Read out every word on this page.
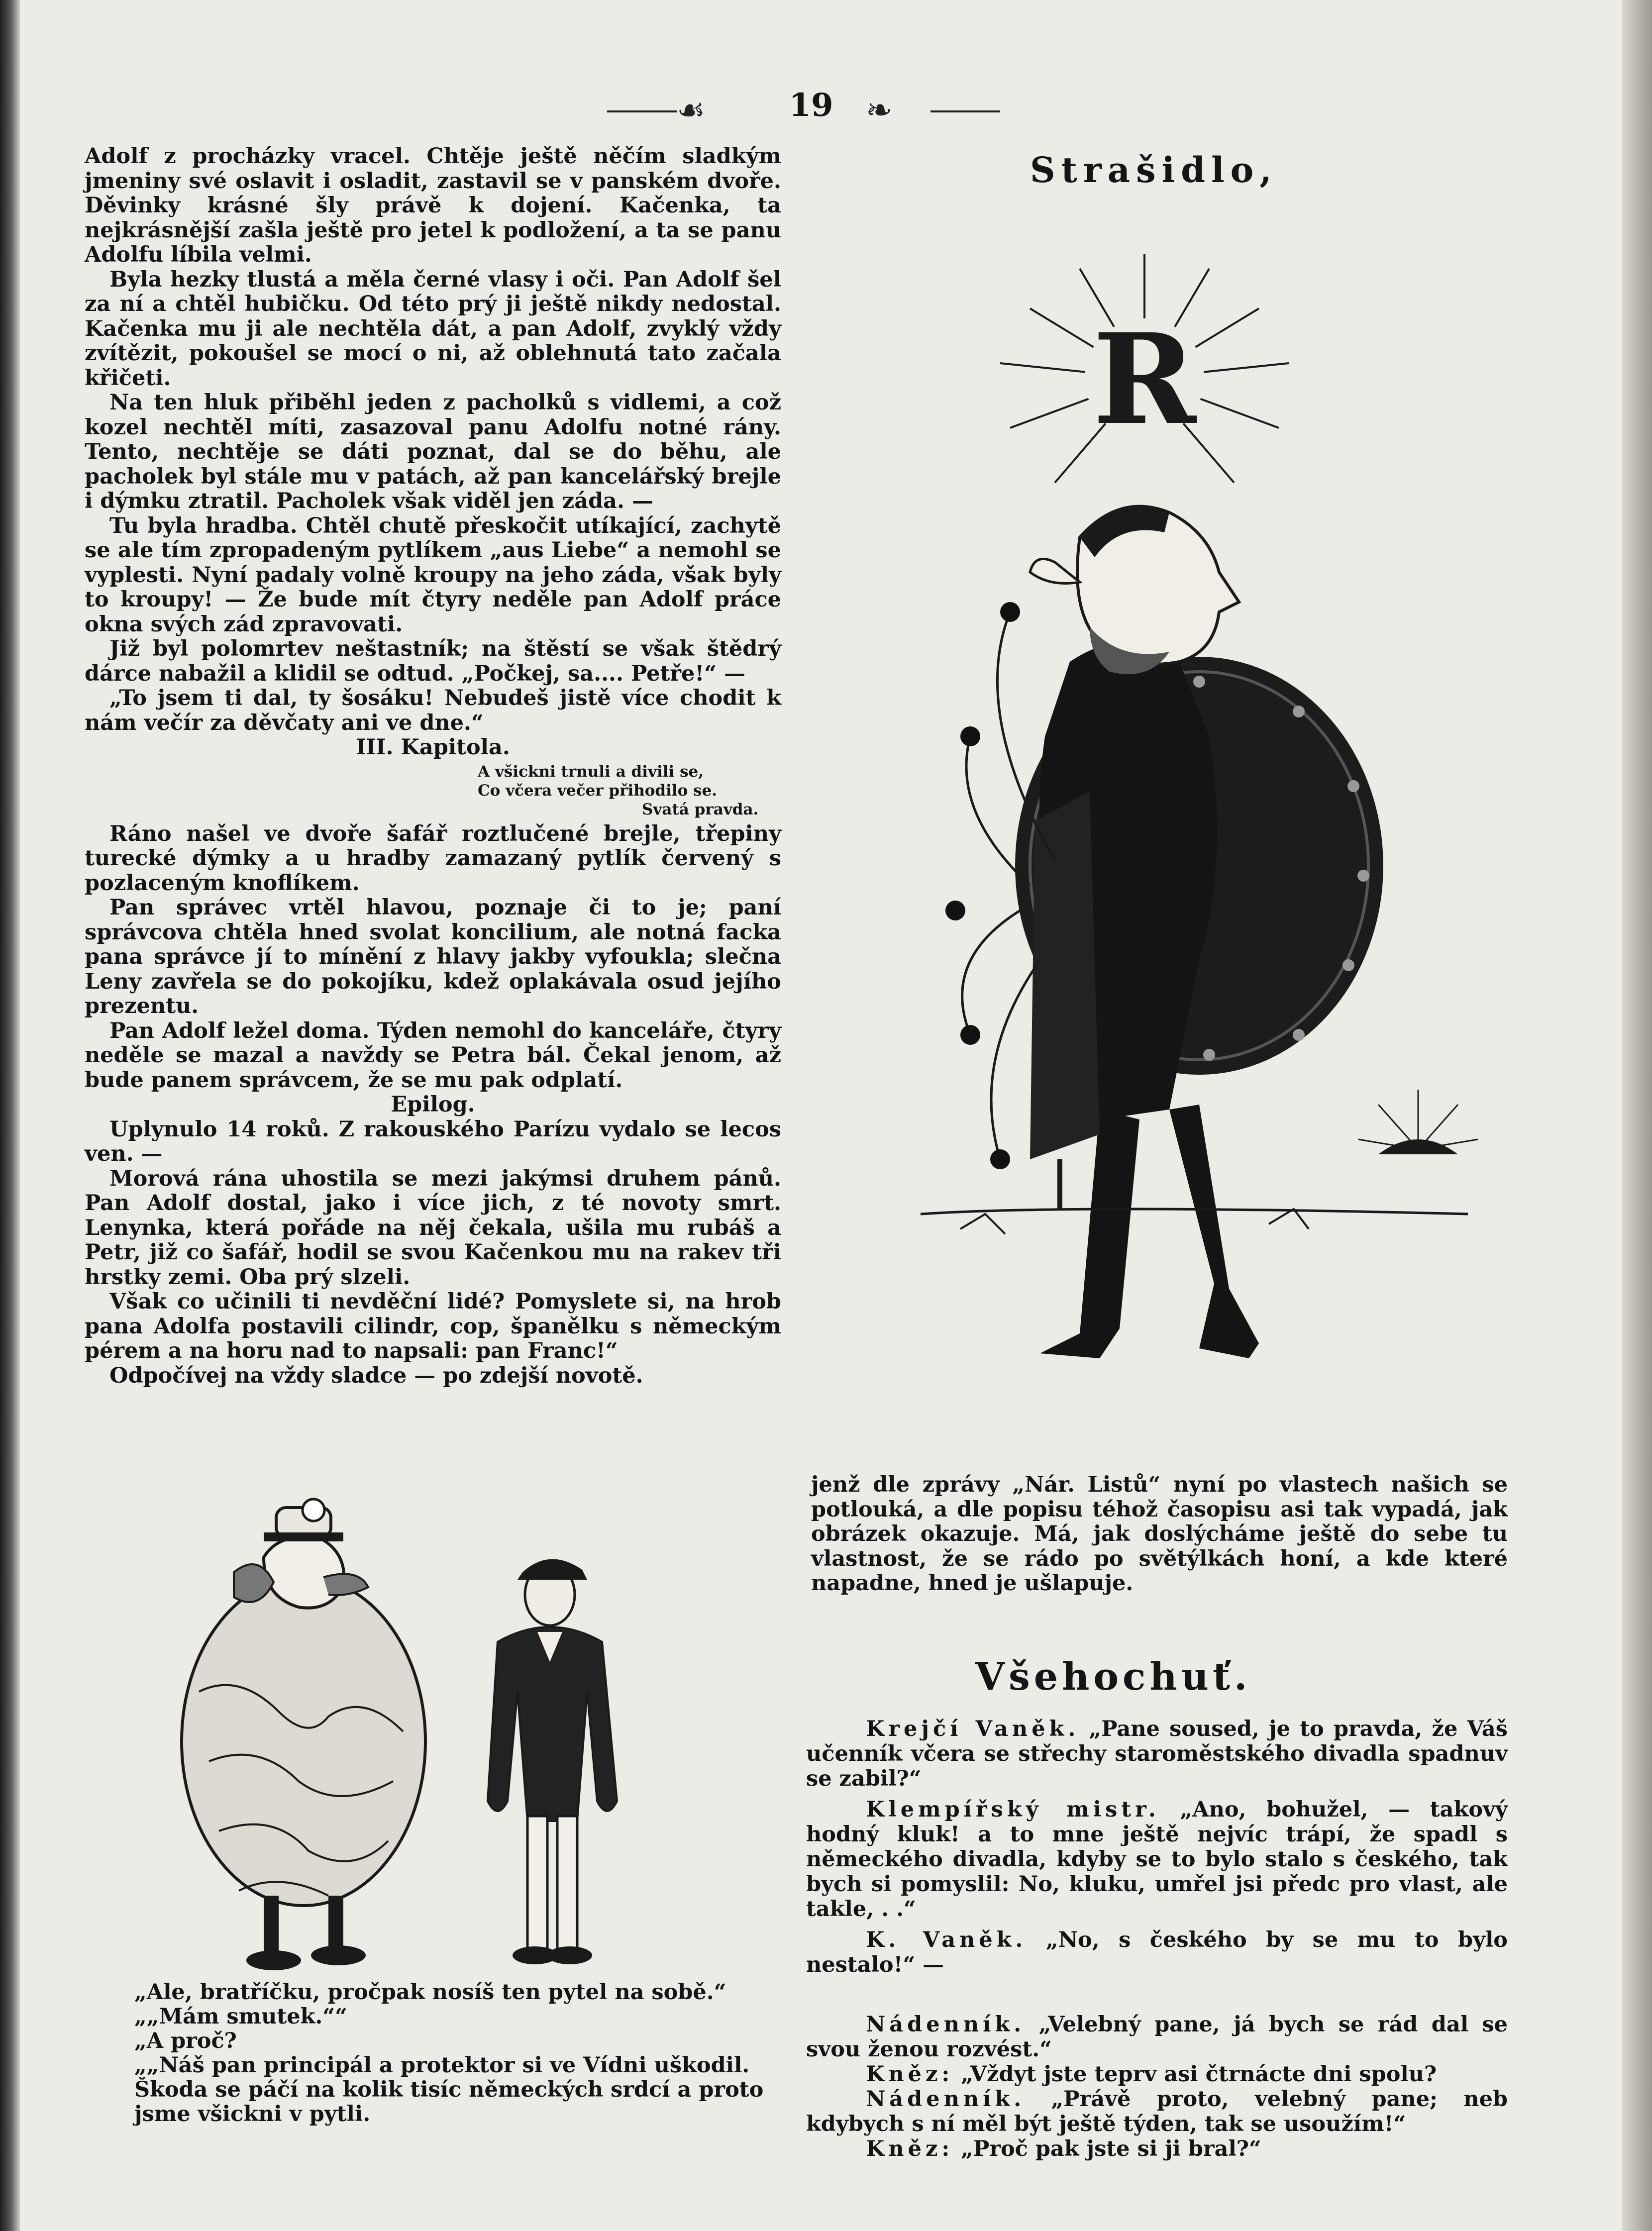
☙	19 ❧

Adolf z procházky vracel. Chtěje ještě něčím sladkým jmeniny své oslavit i osladit, zastavil se v panském dvoře. Děvinky krásné šly právě k dojení. Kačenka, ta nejkrásnější zašla ještě pro jetel k podložení, a ta se panu Adolfu líbila velmi.

Byla hezky tlustá a měla černé vlasy i oči. Pan Adolf šel za ní a chtěl hubičku. Od této prý ji ještě nikdy nedostal. Kačenka mu ji ale nechtěla dát, a pan Adolf, zvyklý vždy zvítězit, pokoušel se mocí o ni, až oblehnutá tato začala křičeti.

Na ten hluk přiběhl jeden z pacholků s vidlemi, a což kozel nechtěl míti, zasazoval panu Adolfu notné rány. Tento, nechtěje se dáti poznat, dal se do běhu, ale pacholek byl stále mu v patách, až pan kancelářský brejle i dýmku ztratil. Pacholek však viděl jen záda. —

Tu byla hradba. Chtěl chutě přeskočit utíkající, zachytě se ale tím zpropadeným pytlíkem „aus Liebe“ a nemohl se vyplesti. Nyní padaly volně kroupy na jeho záda, však byly to kroupy! — Že bude mít čtyry neděle pan Adolf práce okna svých zád zpravovati.

Již byl polomrtev neštastník; na štěstí se však štědrý dárce nabažil a klidil se odtud. „Počkej, sa.... Petře!“ —

„To jsem ti dal, ty šosáku! Nebudeš jistě více chodit k nám večír za děvčaty ani ve dne.“

III. Kapitola.

A všickni trnuli a divili se,
Co včera večer přihodilo se.
Svatá pravda.

Ráno našel ve dvoře šafář roztlučené brejle, třepiny turecké dýmky a u hradby zamazaný pytlík červený s pozlaceným knoflíkem.

Pan správec vrtěl hlavou, poznaje či to je; paní správcova chtěla hned svolat koncilium, ale notná facka pana správce jí to mínění z hlavy jakby vyfoukla; slečna Leny zavřela se do pokojíku, kdež oplakávala osud jejího prezentu.

Pan Adolf ležel doma. Týden nemohl do kanceláře, čtyry neděle se mazal a navždy se Petra bál. Čekal jenom, až bude panem správcem, že se mu pak odplatí.

Epilog.

Uplynulo 14 roků. Z rakouského Parízu vydalo se lecos ven. —

Morová rána uhostila se mezi jakýmsi druhem pánů. Pan Adolf dostal, jako i více jich, z té novoty smrt. Lenynka, která pořáde na něj čekala, ušila mu rubáš a Petr, již co šafář, hodil se svou Kačenkou mu na rakev tři hrstky zemi. Oba prý slzeli.

Však co učinili ti nevděční lidé? Pomyslete si, na hrob pana Adolfa postavili cilindr, cop, španělku s německým pérem a na horu nad to napsali: pan Franc!“

Odpočívej na vždy sladce — po zdejší novotě.

„Ale, bratříčku, pročpak nosíš ten pytel na sobě.“

„„Mám smutek.““

„A proč?

„„Náš pan principál a protektor si ve Vídni uškodil. Škoda se páčí na kolik tisíc německých srdcí a proto jsme všickni v pytli.

Strašidlo,
R

jenž dle zprávy „Nár. Listů“ nyní po vlastech našich se potlouká, a dle popisu téhož časopisu asi tak vypadá, jak obrázek okazuje. Má, jak doslýcháme ještě do sebe tu vlastnost, že se rádo po světýlkách honí, a kde které napadne, hned je ušlapuje.

Všehochuť.

Krejčí Vaněk. „Pane soused, je to pravda, že Váš učenník včera se střechy staroměstského divadla spadnuv se zabil?“

Klempířský mistr. „Ano, bohužel, — takový hodný kluk! a to mne ještě nejvíc trápí, že spadl s německého divadla, kdyby se to bylo stalo s českého, tak bych si pomyslil: No, kluku, umřel jsi předc pro vlast, ale takle, . .“

K. Vaněk. „No, s českého by se mu to bylo nestalo!“ —

Nádenník. „Velebný pane, já bych se rád dal se svou ženou rozvést.“

Kněz: „Vždyt jste teprv asi čtrnácte dni spolu?

Nádenník. „Právě proto, velebný pane; neb kdybych s ní měl být ještě týden, tak se usoužím!“

Kněz: „Proč pak jste si ji bral?“
